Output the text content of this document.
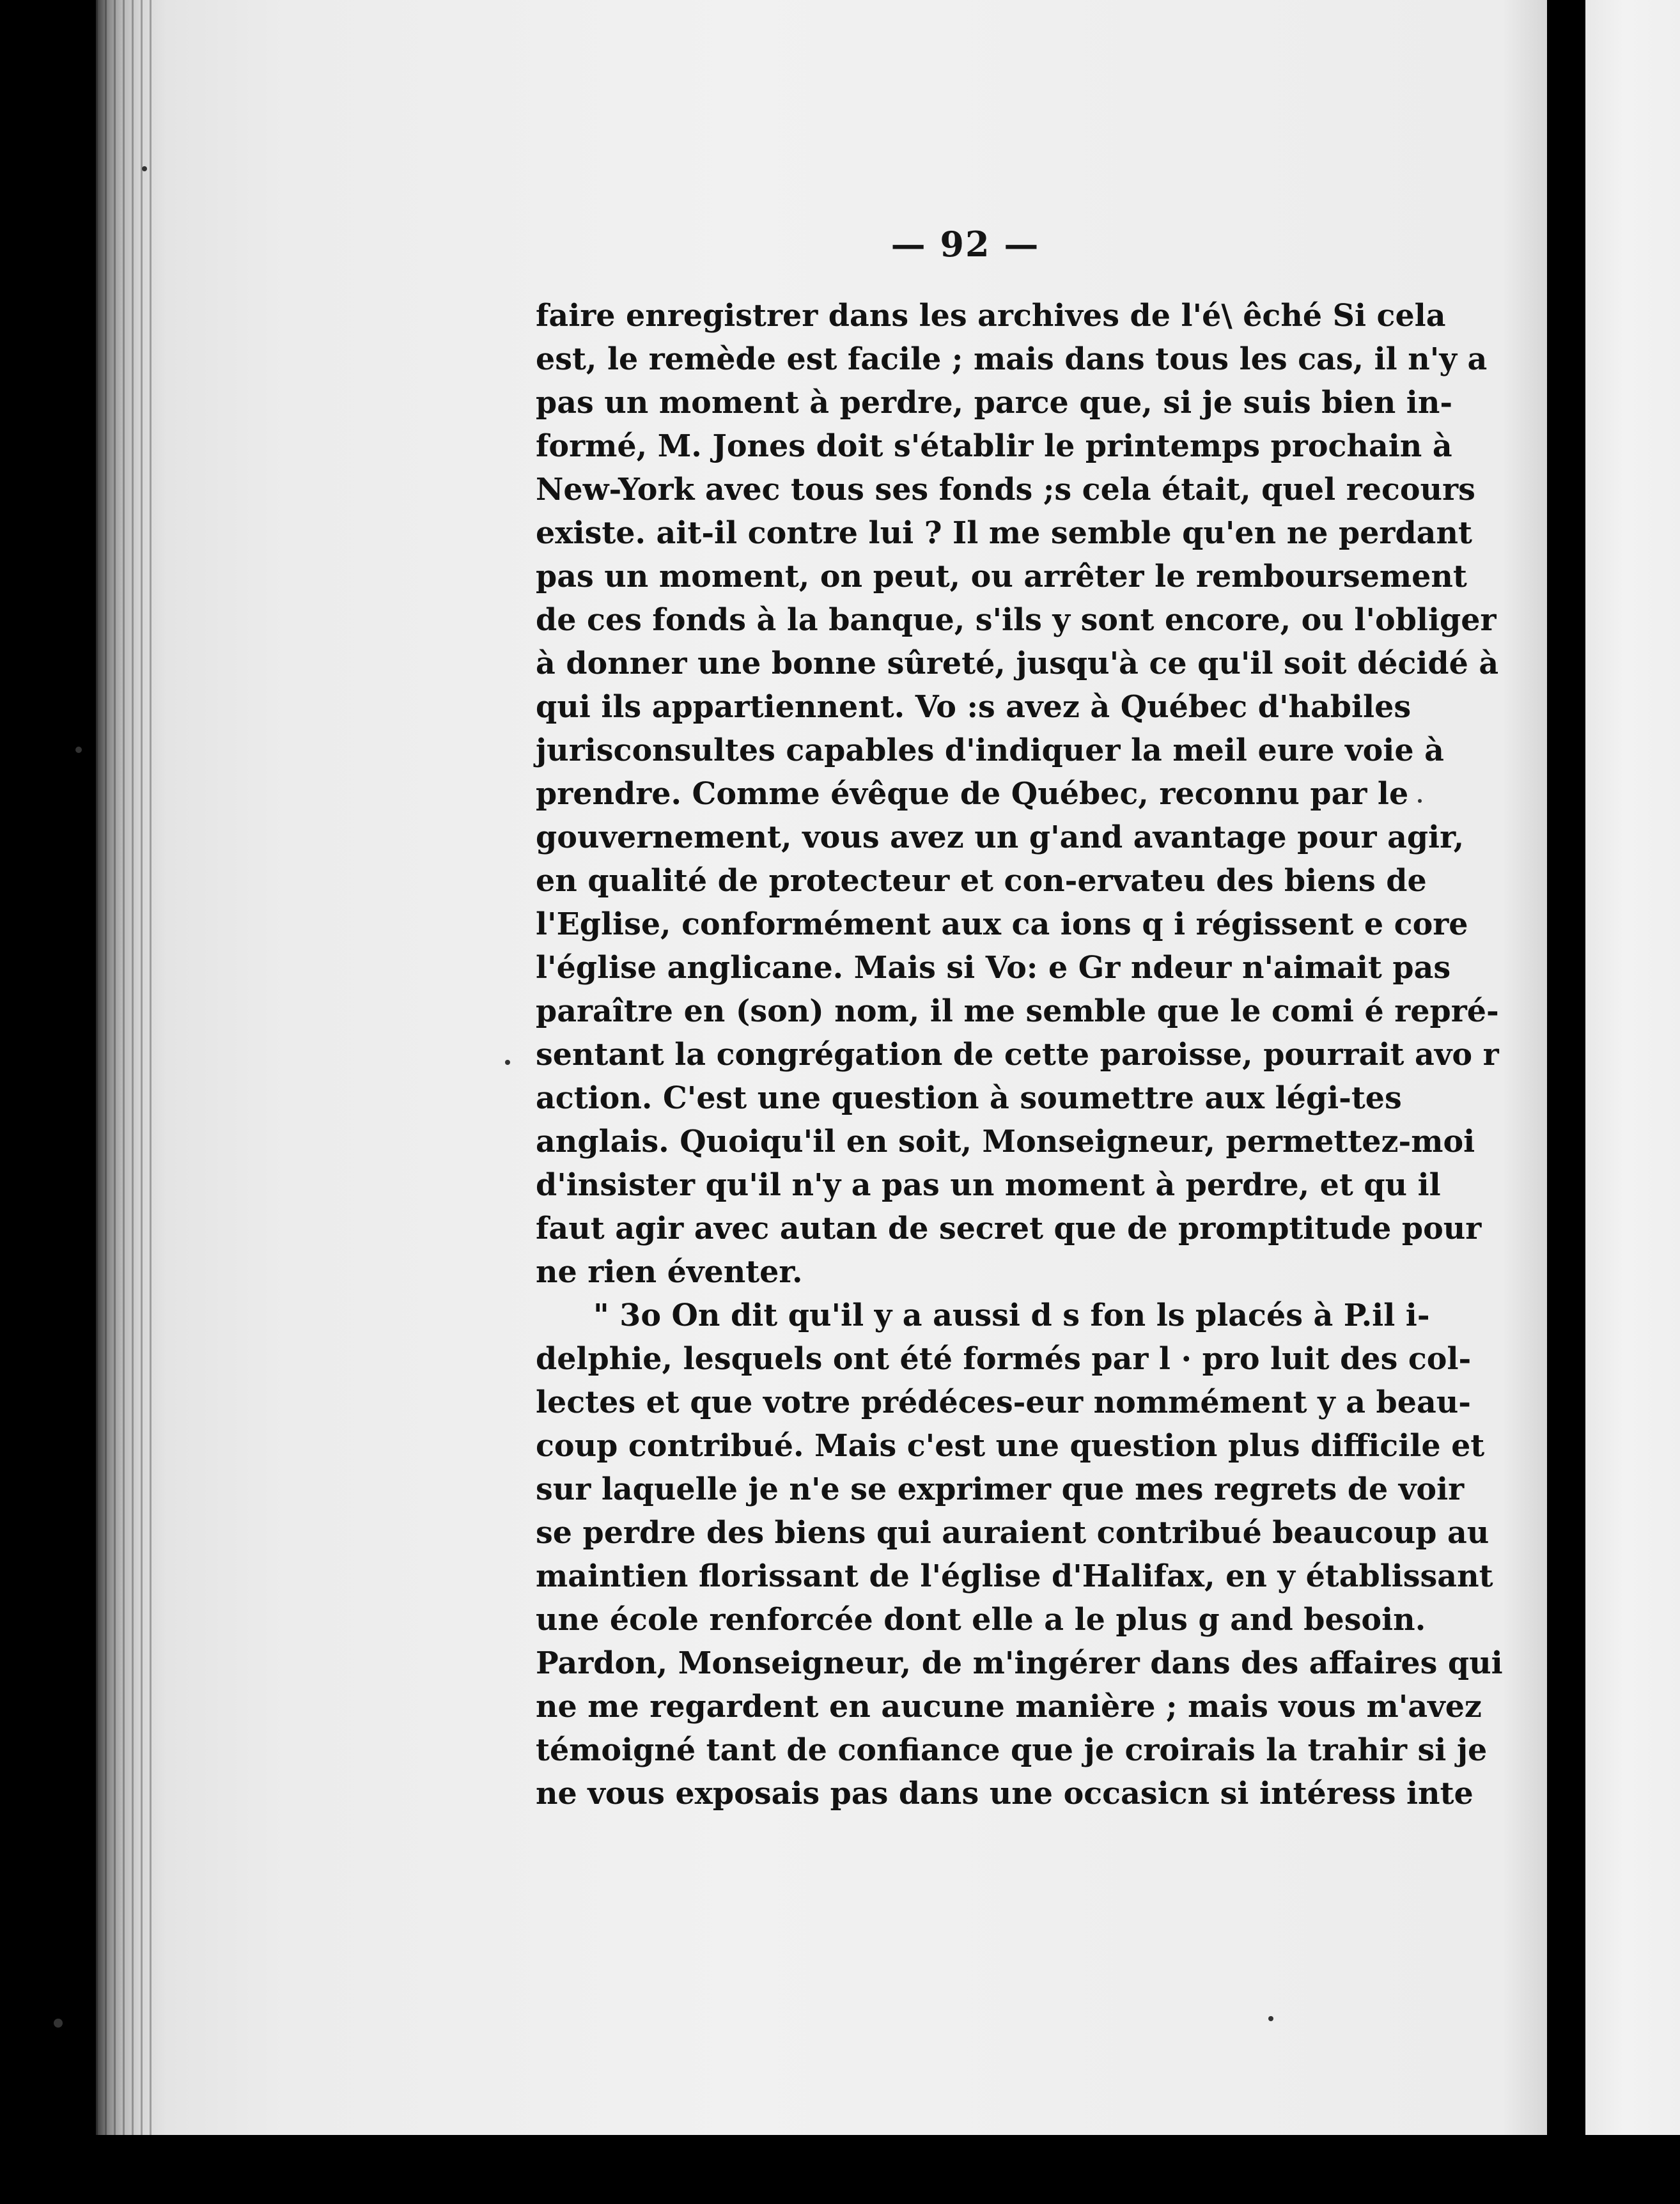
— 92 —
faire enregistrer dans les archives de l'é\ êché Si cela
est, le remède est facile ; mais dans tous les cas, il n'y a
pas un moment à perdre, parce que, si je suis bien in-
formé, M. Jones doit s'établir le printemps prochain à
New-York avec tous ses fonds ;s cela était, quel recours
existe. ait-il contre lui ? Il me semble qu'en ne perdant
pas un moment, on peut, ou arrêter le remboursement
de ces fonds à la banque, s'ils y sont encore, ou l'obliger
à donner une bonne sûreté, jusqu'à ce qu'il soit décidé à
qui ils appartiennent. Vo :s avez à Québec d'habiles
jurisconsultes capables d'indiquer la meil eure voie à
prendre. Comme évêque de Québec, reconnu par le
gouvernement, vous avez un g'and avantage pour agir,
en qualité de protecteur et con-ervateu des biens de
l'Eglise, conformément aux ca ions q i régissent e core
l'église anglicane. Mais si Vo: e Gr ndeur n'aimait pas
paraître en (son) nom, il me semble que le comi é repré-
sentant la congrégation de cette paroisse, pourrait avo r
action. C'est une question à soumettre aux légi-tes
anglais. Quoiqu'il en soit, Monseigneur, permettez-moi
d'insister qu'il n'y a pas un moment à perdre, et qu il
faut agir avec autan de secret que de promptitude pour
ne rien éventer.
" 3o On dit qu'il y a aussi d s fon ls placés à P.il i-
delphie, lesquels ont été formés par l · pro luit des col-
lectes et que votre prédéces-eur nommément y a beau-
coup contribué. Mais c'est une question plus difficile et
sur laquelle je n'e se exprimer que mes regrets de voir
se perdre des biens qui auraient contribué beaucoup au
maintien florissant de l'église d'Halifax, en y établissant
une école renforcée dont elle a le plus g and besoin.
Pardon, Monseigneur, de m'ingérer dans des affaires qui
ne me regardent en aucune manière ; mais vous m'avez
témoigné tant de confiance que je croirais la trahir si je
ne vous exposais pas dans une occasicn si intéress inte
